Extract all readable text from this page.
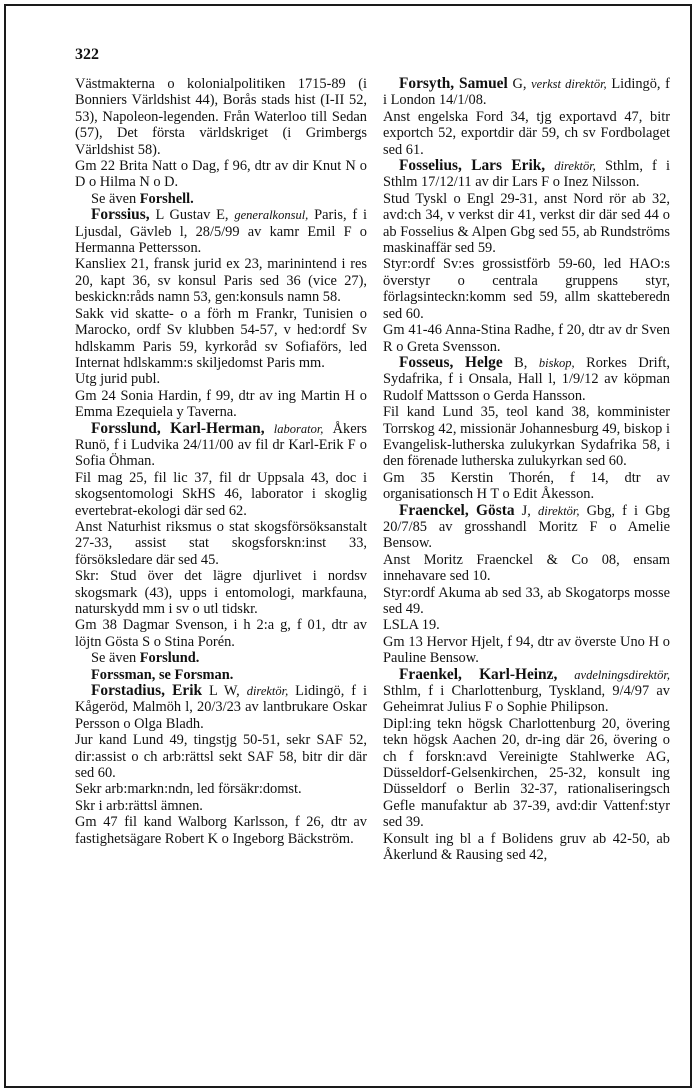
322

Västmakterna o kolonialpolitiken 1715-89 (i Bonniers Världshist 44), Borås stads hist (I-II 52, 53), Napoleon-legenden. Från Waterloo till Sedan (57), Det första världskriget (i Grimbergs Världshist 58).

Gm 22 Brita Natt o Dag, f 96, dtr av dir Knut N o D o Hilma N o D.

Se även Forshell.

Forssius, L Gustav E, generalkonsul, Paris, f i Ljusdal, Gävleb l, 28/5/99 av kamr Emil F o Hermanna Pettersson.

Kansliex 21, fransk jurid ex 23, marinintend i res 20, kapt 36, sv konsul Paris sed 36 (vice 27), beskickn:råds namn 53, gen:konsuls namn 58.

Sakk vid skatte- o a förh m Frankr, Tunisien o Marocko, ordf Sv klubben 54-57, v hed:ordf Sv hdlskamm Paris 59, kyrkoråd sv Sofiaförs, led Internat hdlskamm:s skiljedomst Paris mm.

Utg jurid publ.

Gm 24 Sonia Hardin, f 99, dtr av ing Martin H o Emma Ezequiela y Taverna.

Forsslund, Karl-Herman, laborator, Åkers Runö, f i Ludvika 24/11/00 av fil dr Karl-Erik F o Sofia Öhman.

Fil mag 25, fil lic 37, fil dr Uppsala 43, doc i skogsentomologi SkHS 46, laborator i skoglig evertebrat-ekologi där sed 62.

Anst Naturhist riksmus o stat skogsförsöksanstalt 27-33, assist stat skogsforskn:inst 33, försöksledare där sed 45.

Skr: Stud över det lägre djurlivet i nordsv skogsmark (43), upps i entomologi, markfauna, naturskydd mm i sv o utl tidskr.

Gm 38 Dagmar Svenson, i h 2:a g, f 01, dtr av löjtn Gösta S o Stina Porén.

Se även Forslund.

Forssman, se Forsman.

Forstadius, Erik L W, direktör, Lidingö, f i Kågeröd, Malmöh l, 20/3/23 av lantbrukare Oskar Persson o Olga Bladh.

Jur kand Lund 49, tingstjg 50-51, sekr SAF 52, dir:assist o ch arb:rättsl sekt SAF 58, bitr dir där sed 60.

Sekr arb:markn:ndn, led försäkr:domst.

Skr i arb:rättsl ämnen.

Gm 47 fil kand Walborg Karlsson, f 26, dtr av fastighetsägare Robert K o Ingeborg Bäckström.

Forsyth, Samuel G, verkst direktör, Lidingö, f i London 14/1/08.

Anst engelska Ford 34, tjg exportavd 47, bitr exportch 52, exportdir där 59, ch sv Fordbolaget sed 61.

Fosselius, Lars Erik, direktör, Sthlm, f i Sthlm 17/12/11 av dir Lars F o Inez Nilsson.

Stud Tyskl o Engl 29-31, anst Nord rör ab 32, avd:ch 34, v verkst dir 41, verkst dir där sed 44 o ab Fosselius & Alpen Gbg sed 55, ab Rundströms maskinaffär sed 59.

Styr:ordf Sv:es grossistförb 59-60, led HAO:s överstyr o centrala gruppens styr, förlagsinteckn:komm sed 59, allm skatteberedn sed 60.

Gm 41-46 Anna-Stina Radhe, f 20, dtr av dr Sven R o Greta Svensson.

Fosseus, Helge B, biskop, Rorkes Drift, Sydafrika, f i Onsala, Hall l, 1/9/12 av köpman Rudolf Mattsson o Gerda Hansson.

Fil kand Lund 35, teol kand 38, komminister Torrskog 42, missionär Johannesburg 49, biskop i Evangelisk-lutherska zulukyrkan Sydafrika 58, i den förenade lutherska zulukyrkan sed 60.

Gm 35 Kerstin Thorén, f 14, dtr av organisationsch H T o Edit Åkesson.

Fraenckel, Gösta J, direktör, Gbg, f i Gbg 20/7/85 av grosshandl Moritz F o Amelie Bensow.

Anst Moritz Fraenckel & Co 08, ensam innehavare sed 10.

Styr:ordf Akuma ab sed 33, ab Skogatorps mosse sed 49.

LSLA 19.

Gm 13 Hervor Hjelt, f 94, dtr av överste Uno H o Pauline Bensow.

Fraenkel, Karl-Heinz, avdelningsdirektör, Sthlm, f i Charlottenburg, Tyskland, 9/4/97 av Geheimrat Julius F o Sophie Philipson.

Dipl:ing tekn högsk Charlottenburg 20, övering tekn högsk Aachen 20, dr-ing där 26, övering o ch f forskn:avd Vereinigte Stahlwerke AG, Düsseldorf-Gelsenkirchen, 25-32, konsult ing Düsseldorf o Berlin 32-37, rationaliseringsch Gefle manufaktur ab 37-39, avd:dir Vattenf:styr sed 39.

Konsult ing bl a f Bolidens gruv ab 42-50, ab Åkerlund & Rausing sed 42,
